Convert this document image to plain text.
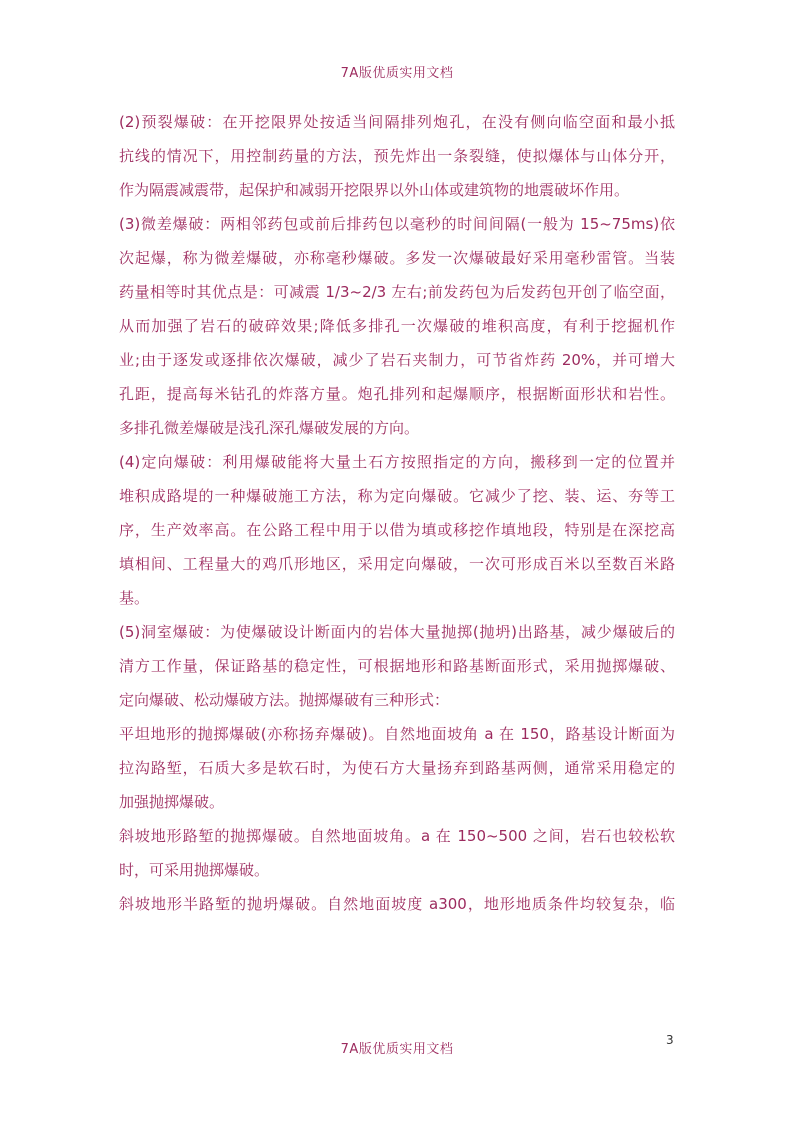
7A版优质实用文档
(2)预裂爆破：在开挖限界处按适当间隔排列炮孔，在没有侧向临空面和最小抵
抗线的情况下，用控制药量的方法，预先炸出一条裂缝，使拟爆体与山体分开，
作为隔震减震带，起保护和减弱开挖限界以外山体或建筑物的地震破坏作用。
(3)微差爆破：两相邻药包或前后排药包以毫秒的时间间隔(一般为 15~75ms)依
次起爆，称为微差爆破，亦称毫秒爆破。多发一次爆破最好采用毫秒雷管。当装
药量相等时其优点是：可减震 1/3~2/3 左右;前发药包为后发药包开创了临空面，
从而加强了岩石的破碎效果;降低多排孔一次爆破的堆积高度，有利于挖掘机作
业;由于逐发或逐排依次爆破，减少了岩石夹制力，可节省炸药 20%，并可增大
孔距，提高每米钻孔的炸落方量。炮孔排列和起爆顺序，根据断面形状和岩性。
多排孔微差爆破是浅孔深孔爆破发展的方向。
(4)定向爆破：利用爆破能将大量土石方按照指定的方向，搬移到一定的位置并
堆积成路堤的一种爆破施工方法，称为定向爆破。它减少了挖、装、运、夯等工
序，生产效率高。在公路工程中用于以借为填或移挖作填地段，特别是在深挖高
填相间、工程量大的鸡爪形地区，采用定向爆破，一次可形成百米以至数百米路
基。
(5)洞室爆破：为使爆破设计断面内的岩体大量抛掷(抛坍)出路基，减少爆破后的
清方工作量，保证路基的稳定性，可根据地形和路基断面形式，采用抛掷爆破、
定向爆破、松动爆破方法。抛掷爆破有三种形式：
平坦地形的抛掷爆破(亦称扬弃爆破)。自然地面坡角 a 在 150，路基设计断面为
拉沟路堑，石质大多是软石时，为使石方大量扬弃到路基两侧，通常采用稳定的
加强抛掷爆破。
斜坡地形路堑的抛掷爆破。自然地面坡角。a 在 150~500 之间，岩石也较松软
时，可采用抛掷爆破。
斜坡地形半路堑的抛坍爆破。自然地面坡度 a300，地形地质条件均较复杂，临
3
7A版优质实用文档
